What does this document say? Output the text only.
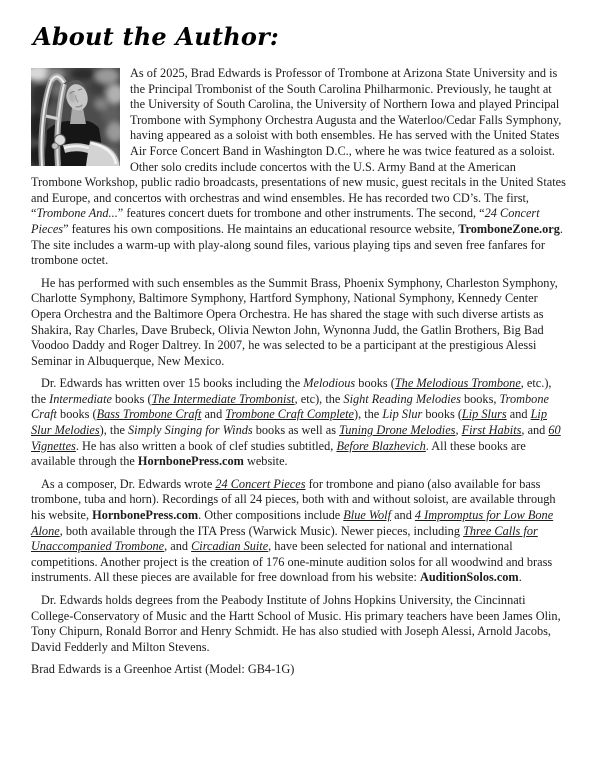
About the Author:

As of 2025, Brad Edwards is Professor of Trombone at Arizona State University and is the Principal Trombonist of the South Carolina Philharmonic. Previously, he taught at the University of South Carolina, the University of Northern Iowa and played Principal Trombone with Symphony Orchestra Augusta and the Waterloo/Cedar Falls Symphony, having appeared as a soloist with both ensembles. He has served with the United States Air Force Concert Band in Washington D.C., where he was twice featured as a soloist. Other solo credits include concertos with the U.S. Army Band at the American Trombone Workshop, public radio broadcasts, presentations of new music, guest recitals in the United States and Europe, and concertos with orchestras and wind ensembles. He has recorded two CD’s. The first, “Trombone And...” features concert duets for trombone and other instruments. The second, “24 Concert Pieces” features his own compositions. He maintains an educational resource website, TromboneZone.org. The site includes a warm-up with play-along sound files, various playing tips and seven free fanfares for trombone octet.

He has performed with such ensembles as the Summit Brass, Phoenix Symphony, Charleston Symphony, Charlotte Symphony, Baltimore Symphony, Hartford Symphony, National Symphony, Kennedy Center Opera Orchestra and the Baltimore Opera Orchestra. He has shared the stage with such diverse artists as Shakira, Ray Charles, Dave Brubeck, Olivia Newton John, Wynonna Judd, the Gatlin Brothers, Big Bad Voodoo Daddy and Roger Daltrey. In 2007, he was selected to be a participant at the prestigious Alessi Seminar in Albuquerque, New Mexico.

Dr. Edwards has written over 15 books including the Melodious books (The Melodious Trombone, etc.), the Intermediate books (The Intermediate Trombonist, etc), the Sight Reading Melodies books, Trombone Craft books (Bass Trombone Craft and Trombone Craft Complete), the Lip Slur books (Lip Slurs and Lip Slur Melodies), the Simply Singing for Winds books as well as Tuning Drone Melodies, First Habits, and 60 Vignettes. He has also written a book of clef studies subtitled, Before Blazhevich. All these books are available through the HornbonePress.com website.

As a composer, Dr. Edwards wrote 24 Concert Pieces for trombone and piano (also available for bass trombone, tuba and horn). Recordings of all 24 pieces, both with and without soloist, are available through his website, HornbonePress.com. Other compositions include Blue Wolf and 4 Impromptus for Low Bone Alone, both available through the ITA Press (Warwick Music). Newer pieces, including Three Calls for Unaccompanied Trombone, and Circadian Suite, have been selected for national and international competitions. Another project is the creation of 176 one-minute audition solos for all woodwind and brass instruments. All these pieces are available for free download from his website: AuditionSolos.com.

Dr. Edwards holds degrees from the Peabody Institute of Johns Hopkins University, the Cincinnati College-Conservatory of Music and the Hartt School of Music. His primary teachers have been James Olin, Tony Chipurn, Ronald Borror and Henry Schmidt. He has also studied with Joseph Alessi, Arnold Jacobs, David Fedderly and Milton Stevens.

Brad Edwards is a Greenhoe Artist (Model: GB4-1G)
